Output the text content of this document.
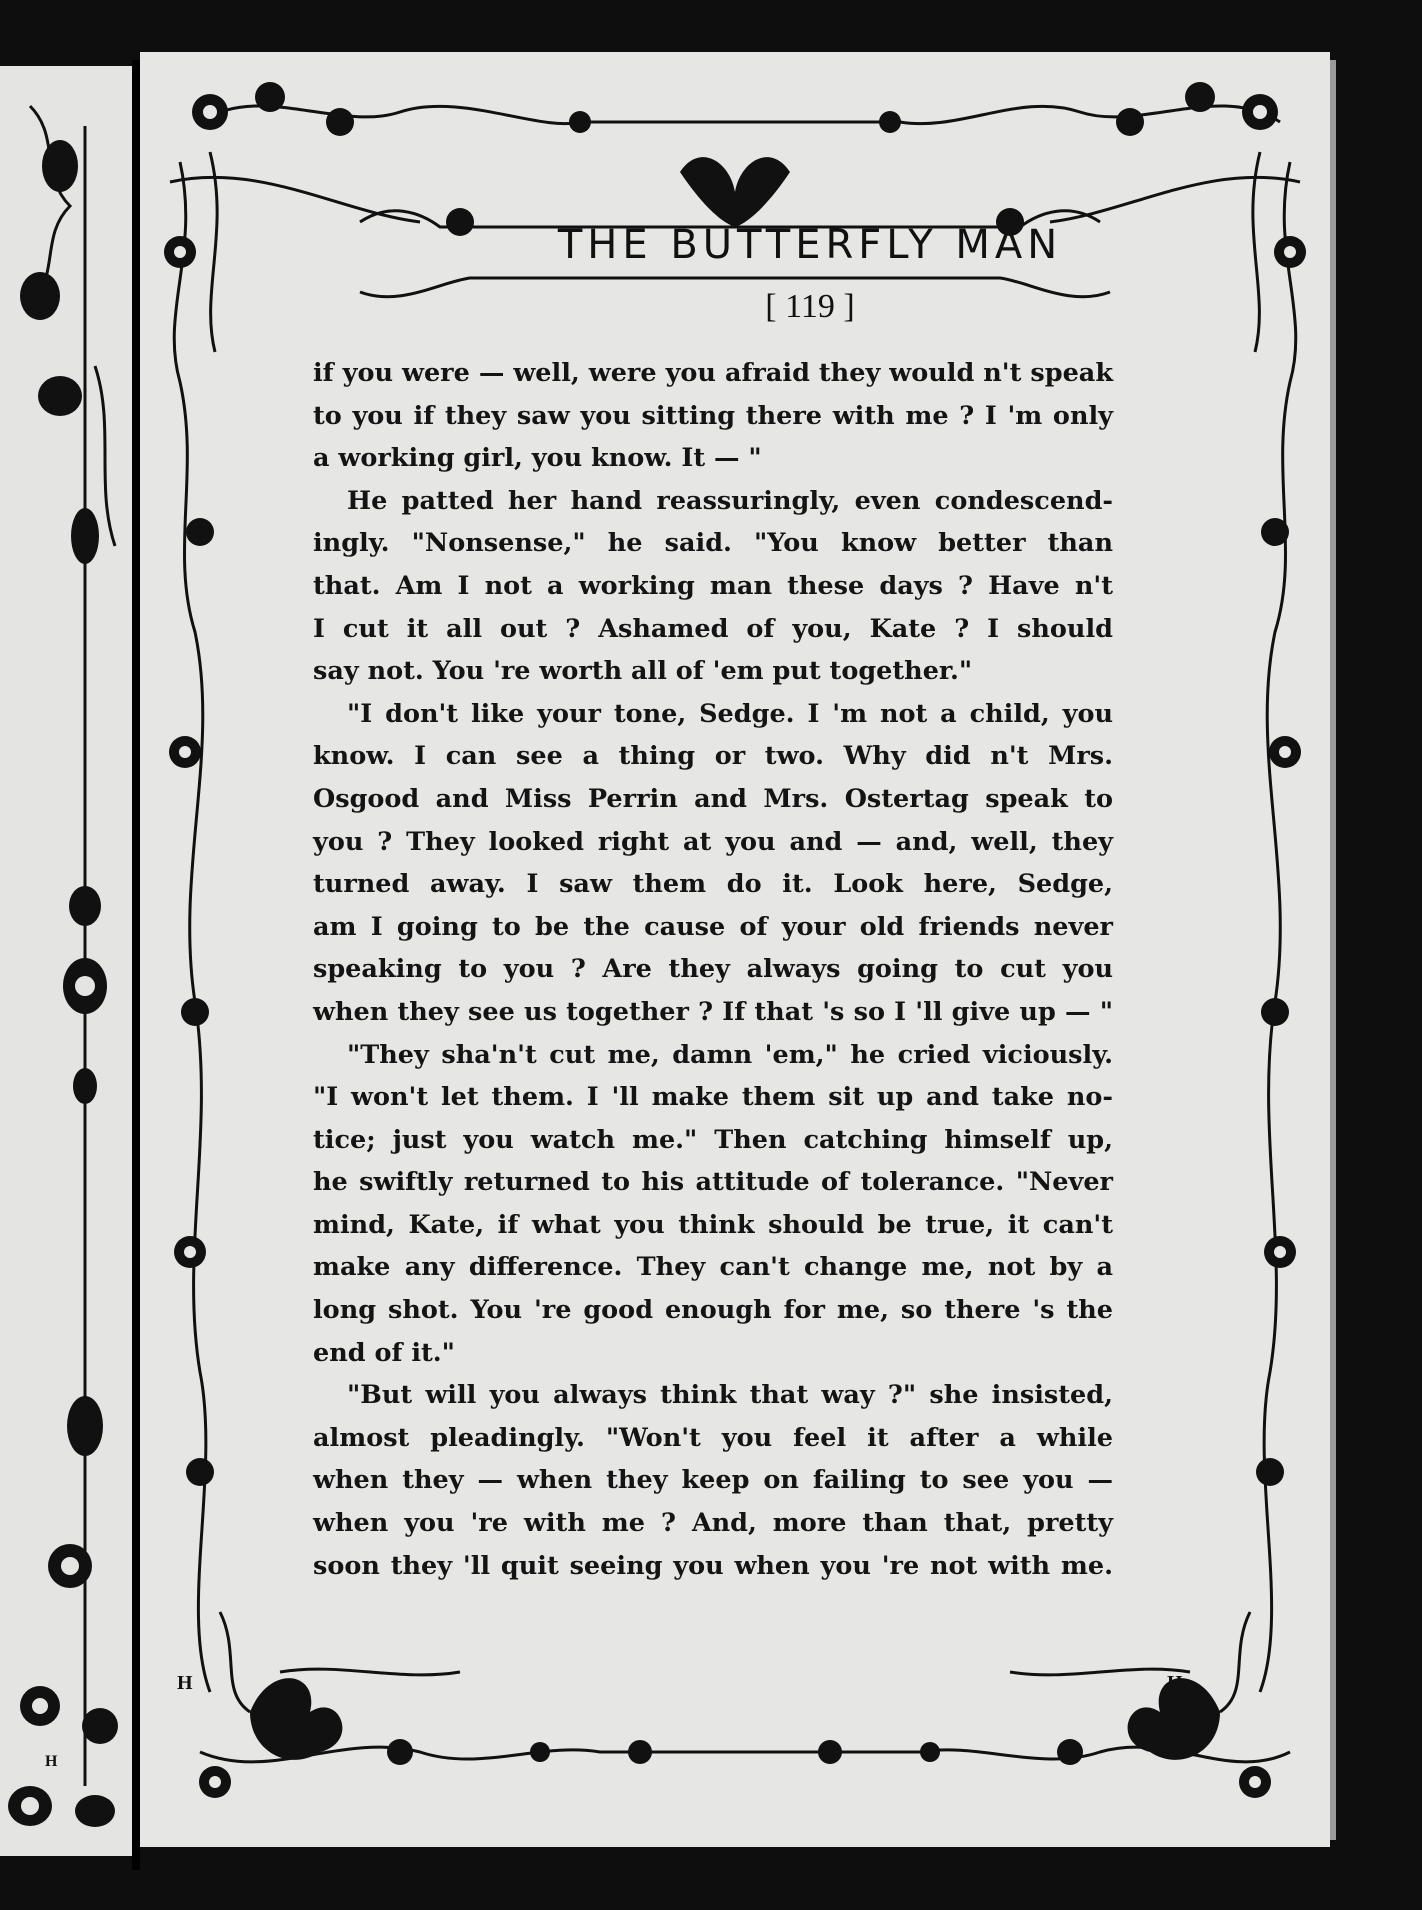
H
THE BUTTERFLY MAN
[ 119 ]
H	H
if you were — well, were you afraid they would n't speak
to you if they saw you sitting there with me ? I 'm only
a working girl, you know. It — "
He patted her hand reassuringly, even condescend-
ingly. "Nonsense," he said. "You know better than
that. Am I not a working man these days ? Have n't
I cut it all out ? Ashamed of you, Kate ? I should
say not. You 're worth all of 'em put together."
"I don't like your tone, Sedge. I 'm not a child, you
know. I can see a thing or two. Why did n't Mrs.
Osgood and Miss Perrin and Mrs. Ostertag speak to
you ? They looked right at you and — and, well, they
turned away. I saw them do it. Look here, Sedge,
am I going to be the cause of your old friends never
speaking to you ? Are they always going to cut you
when they see us together ? If that 's so I 'll give up — "
"They sha'n't cut me, damn 'em," he cried viciously.
"I won't let them. I 'll make them sit up and take no-
tice; just you watch me." Then catching himself up,
he swiftly returned to his attitude of tolerance. "Never
mind, Kate, if what you think should be true, it can't
make any difference. They can't change me, not by a
long shot. You 're good enough for me, so there 's the
end of it."
"But will you always think that way ?" she insisted,
almost pleadingly. "Won't you feel it after a while
when they — when they keep on failing to see you —
when you 're with me ? And, more than that, pretty
soon they 'll quit seeing you when you 're not with me.
